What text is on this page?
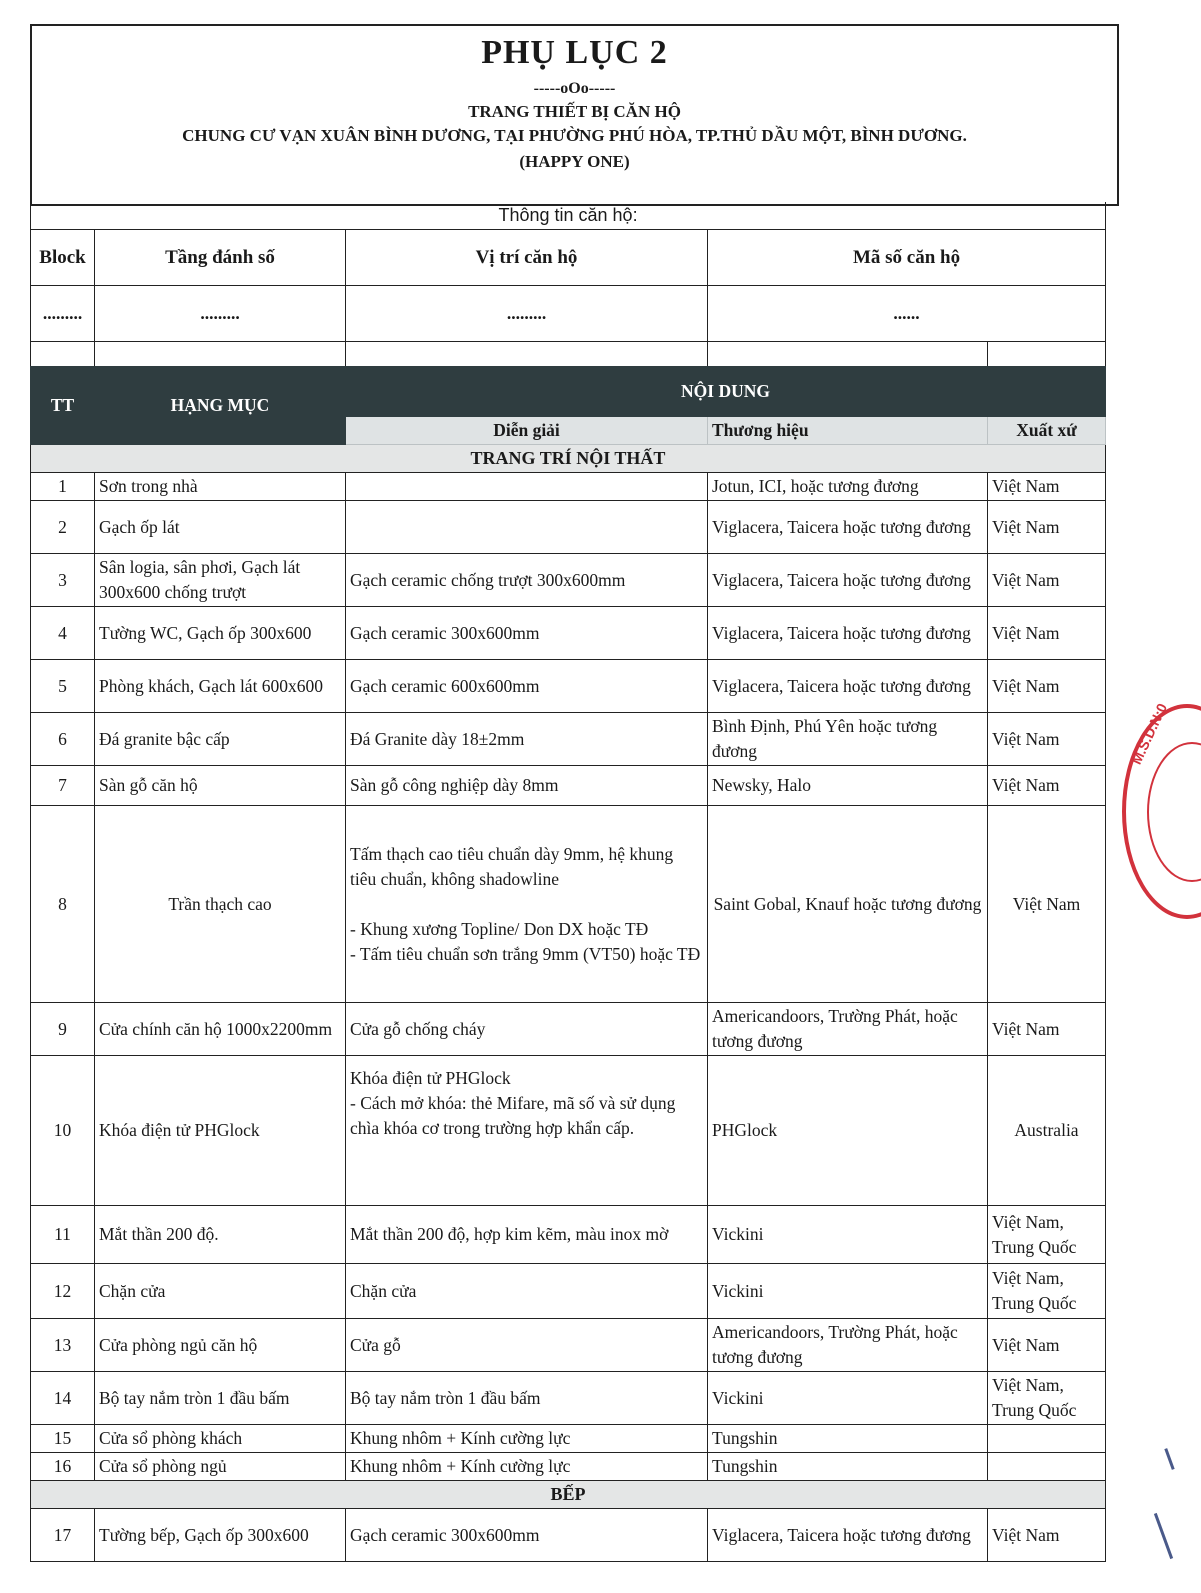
PHỤ LỤC 2
-----oOo-----
TRANG THIẾT BỊ CĂN HỘ
CHUNG CƯ VẠN XUÂN BÌNH DƯƠNG, TẠI PHƯỜNG PHÚ HÒA, TP.THỦ DẦU MỘT, BÌNH DƯƠNG.
(HAPPY ONE)
Thông tin căn hộ:				
Block	Tầng đánh số	Vị trí căn hộ	Mã số căn hộ	
.........	.........	.........	......	

TT	HẠNG MỤC	NỘI DUNG		
		Diễn giải	Thương hiệu	Xuất xứ
TRANG TRÍ NỘI THẤT				
1	Sơn trong nhà		Jotun, ICI, hoặc tương đương	Việt Nam
2	Gạch ốp lát		Viglacera, Taicera hoặc tương đương	Việt Nam
3	Sân logia, sân phơi, Gạch lát 300x600 chống trượt	Gạch ceramic chống trượt 300x600mm	Viglacera, Taicera hoặc tương đương	Việt Nam
4	Tường WC, Gạch ốp 300x600	Gạch ceramic 300x600mm	Viglacera, Taicera hoặc tương đương	Việt Nam
5	Phòng khách, Gạch lát 600x600	Gạch ceramic 600x600mm	Viglacera, Taicera hoặc tương đương	Việt Nam
6	Đá granite bậc cấp	Đá Granite dày 18±2mm	Bình Định, Phú Yên hoặc tương đương	Việt Nam
7	Sàn gỗ căn hộ	Sàn gỗ công nghiệp dày 8mm	Newsky, Halo	Việt Nam
8	Trần thạch cao	Tấm thạch cao tiêu chuẩn dày 9mm, hệ khung tiêu chuẩn, không shadowline

- Khung xương Topline/ Don DX hoặc TĐ
- Tấm tiêu chuẩn sơn trắng 9mm (VT50) hoặc TĐ	Saint Gobal, Knauf hoặc tương đương	Việt Nam
9	Cửa chính căn hộ 1000x2200mm	Cửa gỗ chống cháy	Americandoors, Trường Phát, hoặc tương đương	Việt Nam
10	Khóa điện tử PHGlock	Khóa điện tử PHGlock
- Cách mở khóa: thẻ Mifare, mã số và sử dụng chìa khóa cơ trong trường hợp khẩn cấp.	PHGlock	Australia
11	Mắt thần 200 độ.	Mắt thần 200 độ, hợp kim kẽm, màu inox mờ	Vickini	Việt Nam, Trung Quốc
12	Chặn cửa	Chặn cửa	Vickini	Việt Nam, Trung Quốc
13	Cửa phòng ngủ căn hộ	Cửa gỗ	Americandoors, Trường Phát, hoặc tương đương	Việt Nam
14	Bộ tay nắm tròn 1 đầu bấm	Bộ tay nắm tròn 1 đầu bấm	Vickini	Việt Nam, Trung Quốc
15	Cửa sổ phòng khách	Khung nhôm + Kính cường lực	Tungshin	
16	Cửa sổ phòng ngủ	Khung nhôm + Kính cường lực	Tungshin	
BẾP				
17	Tường bếp, Gạch ốp 300x600	Gạch ceramic 300x600mm	Viglacera, Taicera hoặc tương đương	Việt Nam
M.S.D.N:0
